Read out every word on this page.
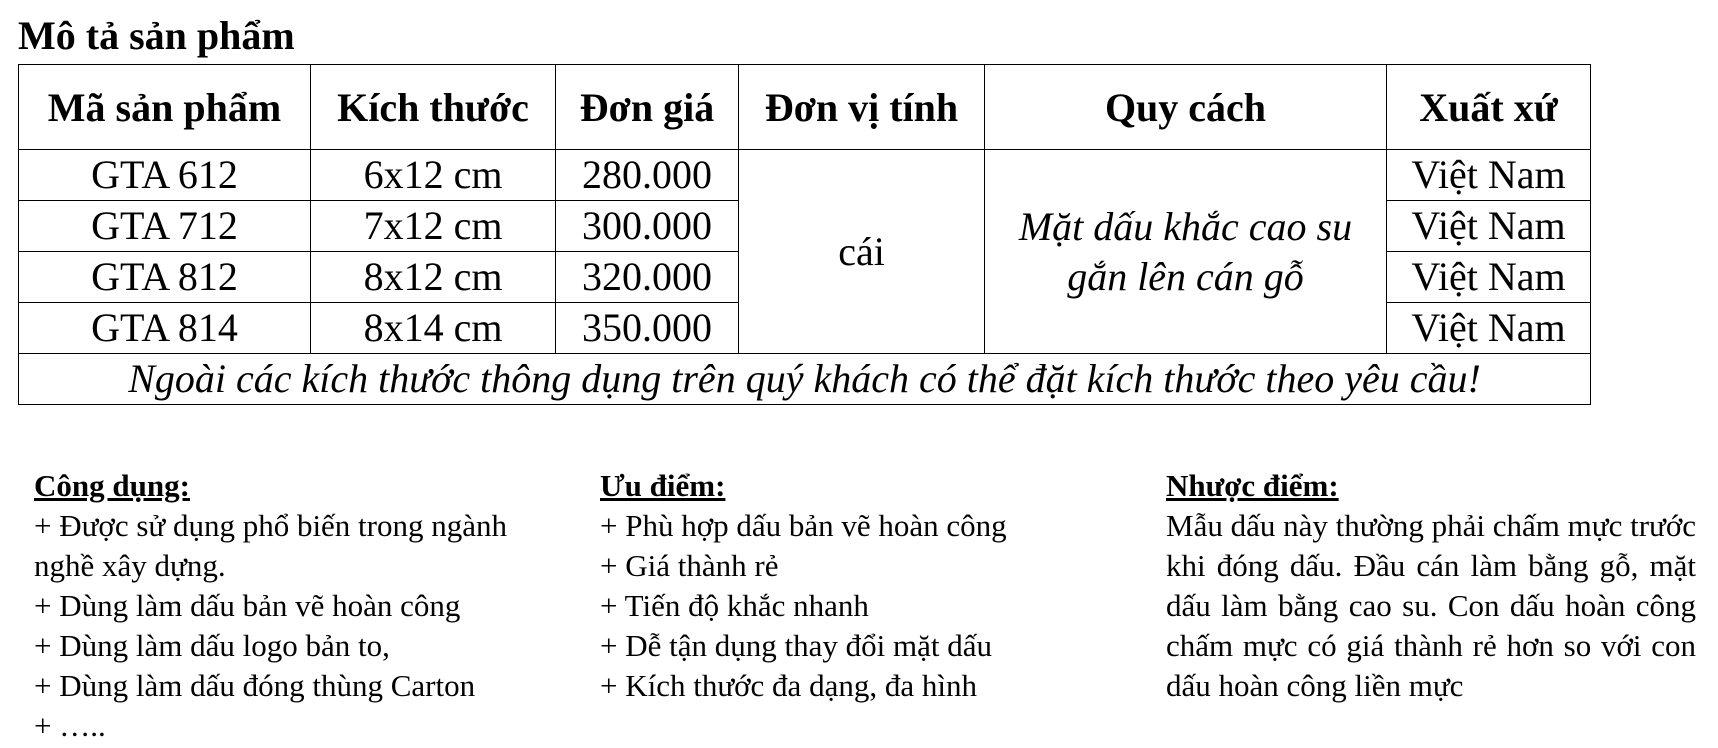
Mô tả sản phẩm
Mã sản phẩm	Kích thước	Đơn giá	Đơn vị tính	Quy cách	Xuất xứ
GTA 612	6x12 cm	280.000	cái	Mặt dấu khắc cao su gắn lên cán gỗ	Việt Nam
GTA 712	7x12 cm	300.000			Việt Nam
GTA 812	8x12 cm	320.000			Việt Nam
GTA 814	8x14 cm	350.000			Việt Nam
Ngoài các kích thước thông dụng trên quý khách có thể đặt kích thước theo yêu cầu!					
Công dụng:
+ Được sử dụng phổ biến trong ngành
nghề xây dựng.
+ Dùng làm dấu bản vẽ hoàn công
+ Dùng làm dấu logo bản to,
+ Dùng làm dấu đóng thùng Carton
+ …..
Ưu điểm:
+ Phù hợp dấu bản vẽ hoàn công
+ Giá thành rẻ
+ Tiến độ khắc nhanh
+ Dễ tận dụng thay đổi mặt dấu
+ Kích thước đa dạng, đa hình
Nhược điểm:
Mẫu dấu này thường phải chấm mực trước khi đóng dấu. Đầu cán làm bằng gỗ, mặt dấu làm bằng cao su. Con dấu hoàn công chấm mực có giá thành rẻ hơn so với con dấu hoàn công liền mực
